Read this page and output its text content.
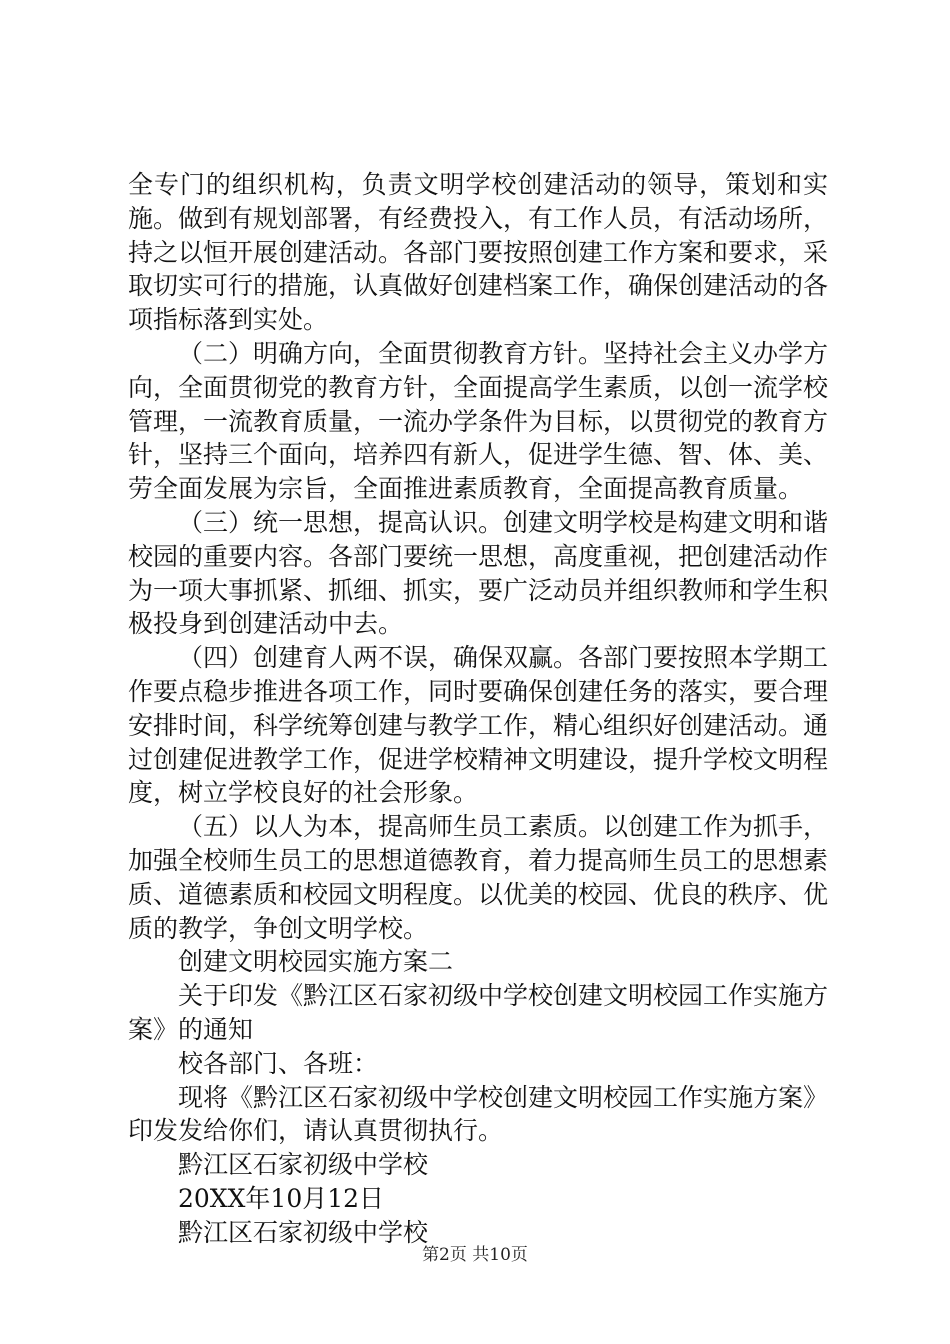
全专门的组织机构，负责文明学校创建活动的领导，策划和实施。做到有规划部署，有经费投入，有工作人员，有活动场所，持之以恒开展创建活动。各部门要按照创建工作方案和要求，采取切实可行的措施，认真做好创建档案工作，确保创建活动的各项指标落到实处。

（二）明确方向，全面贯彻教育方针。坚持社会主义办学方向，全面贯彻党的教育方针，全面提高学生素质，以创一流学校管理，一流教育质量，一流办学条件为目标，以贯彻党的教育方针，坚持三个面向，培养四有新人，促进学生德、智、体、美、劳全面发展为宗旨，全面推进素质教育，全面提高教育质量。

（三）统一思想，提高认识。创建文明学校是构建文明和谐校园的重要内容。各部门要统一思想，高度重视，把创建活动作为一项大事抓紧、抓细、抓实，要广泛动员并组织教师和学生积极投身到创建活动中去。

（四）创建育人两不误，确保双赢。各部门要按照本学期工作要点稳步推进各项工作，同时要确保创建任务的落实，要合理安排时间，科学统筹创建与教学工作，精心组织好创建活动。通过创建促进教学工作，促进学校精神文明建设，提升学校文明程度，树立学校良好的社会形象。

（五）以人为本，提高师生员工素质。以创建工作为抓手，加强全校师生员工的思想道德教育，着力提高师生员工的思想素质、道德素质和校园文明程度。以优美的校园、优良的秩序、优质的教学，争创文明学校。

创建文明校园实施方案二

关于印发《黔江区石家初级中学校创建文明校园工作实施方案》的通知

校各部门、各班：

现将《黔江区石家初级中学校创建文明校园工作实施方案》印发发给你们，请认真贯彻执行。

黔江区石家初级中学校

20XX年10月12日

黔江区石家初级中学校

第2页 共10页
